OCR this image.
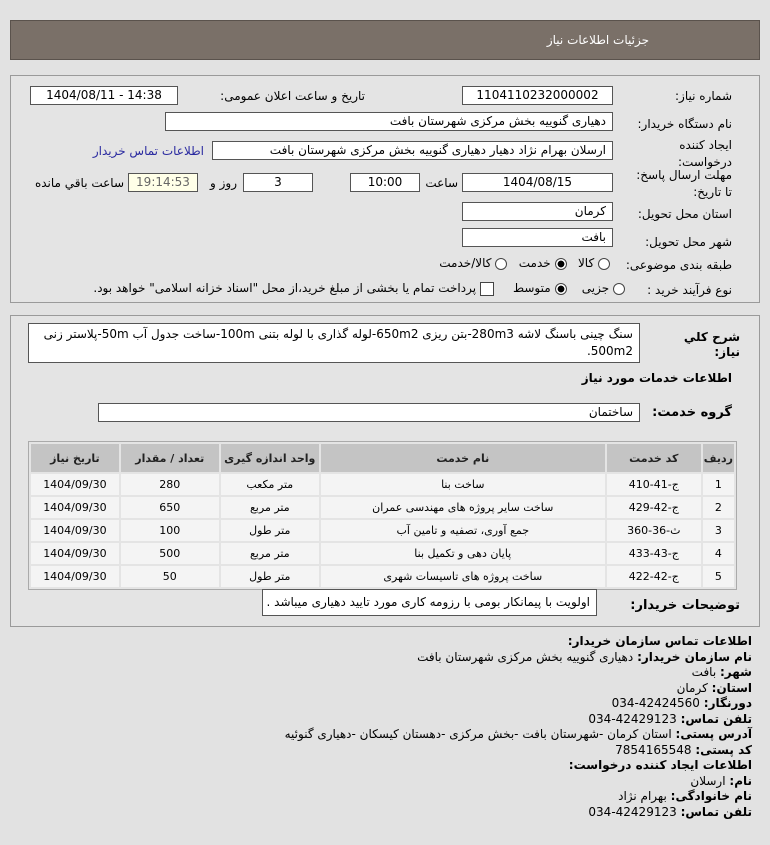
جزئیات اطلاعات نیاز
شماره نیاز:
1104110232000002
تاریخ و ساعت اعلان عمومی:
1404/08/11 - 14:38
نام دستگاه خریدار:
دهیاری گنوییه بخش مرکزی شهرستان بافت
ایجاد کننده
درخواست:
ارسلان بهرام نژاد دهیار دهیاری گنوییه بخش مرکزی شهرستان بافت
اطلاعات تماس خریدار
مهلت ارسال پاسخ:
تا تاریخ:
1404/08/15
ساعت
10:00
3
روز و
19:14:53
ساعت باقي مانده
استان محل تحویل:
کرمان
شهر محل تحویل:
بافت
طبقه بندی موضوعی:
کالا    خدمت    کالا/خدمت
نوع فرآیند خرید :
جزیی     متوسط      پرداخت تمام یا بخشی از مبلغ خرید،از محل "اسناد خزانه اسلامی" خواهد بود.
شرح کلي نياز:
سنگ چینی باسنگ لاشه 280m3-بتن ریزی 650m2-لوله گذاری با لوله بتنی 100m-ساخت جدول آب 50m-پلاستر زنی 500m2.
اطلاعات خدمات مورد نیاز
گروه خدمت:
ساختمان
ردیف	کد خدمت	نام خدمت	واحد اندازه گیری	تعداد / مقدار	تاریخ نیاز
1	ج-41-410	ساخت بنا	متر مکعب	280	1404/09/30
2	ج-42-429	ساخت سایر پروژه های مهندسی عمران	متر مربع	650	1404/09/30
3	ث-36-360	جمع آوری، تصفیه و تامین آب	متر طول	100	1404/09/30
4	ج-43-433	پایان دهی و تکمیل بنا	متر مربع	500	1404/09/30
5	ج-42-422	ساخت پروژه های تاسیسات شهری	متر طول	50	1404/09/30
توضیحات خریدار:
اولویت با پیمانکار بومی با رزومه کاری مورد تایید دهیاری میباشد .
اطلاعات تماس سازمان خریدار:
نام سازمان خریدار: دهیاری گنوییه بخش مرکزی شهرستان بافت
شهر: بافت
استان: کرمان
دورنگار: 42424560-034
تلفن تماس: 42429123-034
آدرس پستی: استان کرمان -شهرستان بافت -بخش مرکزی -دهستان کیسکان -دهیاری گنوئیه
کد پستی: 7854165548
اطلاعات ایجاد کننده درخواست:
نام: ارسلان
نام خانوادگی: بهرام نژاد
تلفن تماس: 42429123-034
